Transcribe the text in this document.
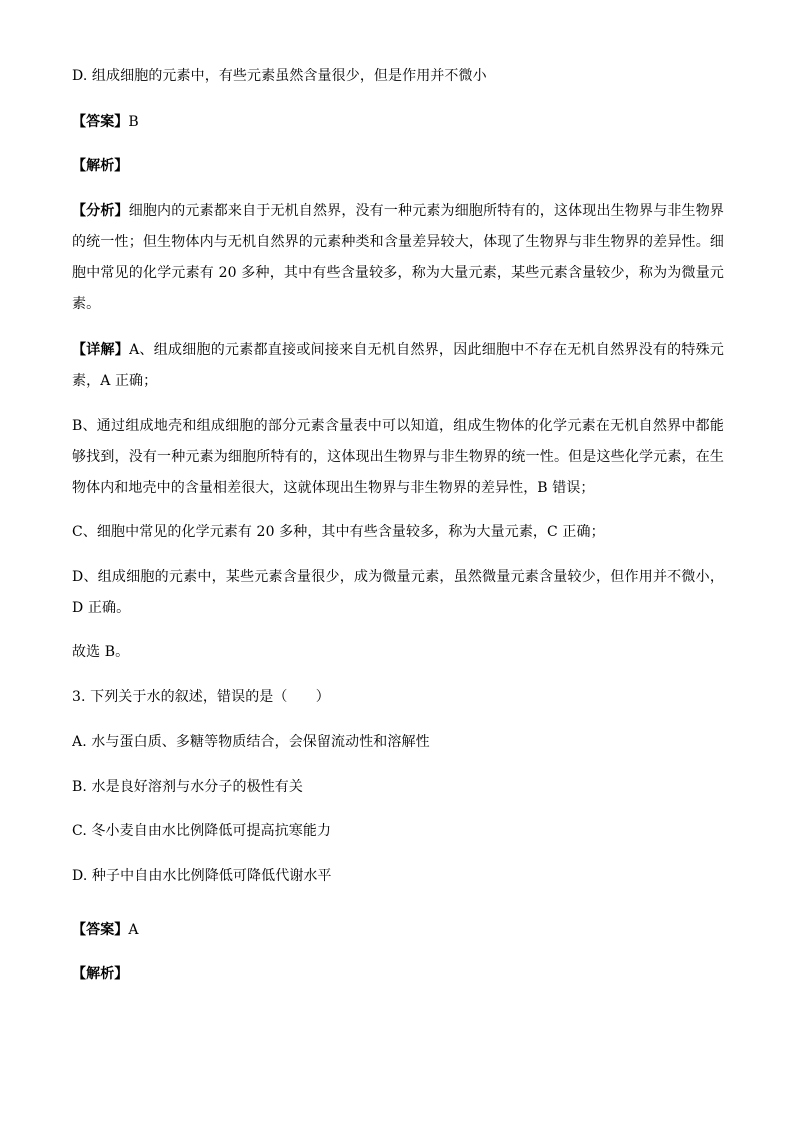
D. 组成细胞的元素中，有些元素虽然含量很少，但是作用并不微小
【答案】B
【解析】
【分析】细胞内的元素都来自于无机自然界，没有一种元素为细胞所特有的，这体现出生物界与非生物界
的统一性；但生物体内与无机自然界的元素种类和含量差异较大，体现了生物界与非生物界的差异性。细
胞中常见的化学元素有 20 多种，其中有些含量较多，称为大量元素，某些元素含量较少，称为为微量元
素。
【详解】A、组成细胞的元素都直接或间接来自无机自然界，因此细胞中不存在无机自然界没有的特殊元
素，A 正确；
B、通过组成地壳和组成细胞的部分元素含量表中可以知道，组成生物体的化学元素在无机自然界中都能
够找到，没有一种元素为细胞所特有的，这体现出生物界与非生物界的统一性。但是这些化学元素，在生
物体内和地壳中的含量相差很大，这就体现出生物界与非生物界的差异性，B 错误；
C、细胞中常见的化学元素有 20 多种，其中有些含量较多，称为大量元素，C 正确；
D、组成细胞的元素中，某些元素含量很少，成为微量元素，虽然微量元素含量较少，但作用并不微小，
D 正确。
故选 B。
3. 下列关于水的叙述，错误的是（　　）
A. 水与蛋白质、多糖等物质结合，会保留流动性和溶解性
B. 水是良好溶剂与水分子的极性有关
C. 冬小麦自由水比例降低可提高抗寒能力
D. 种子中自由水比例降低可降低代谢水平
【答案】A
【解析】
